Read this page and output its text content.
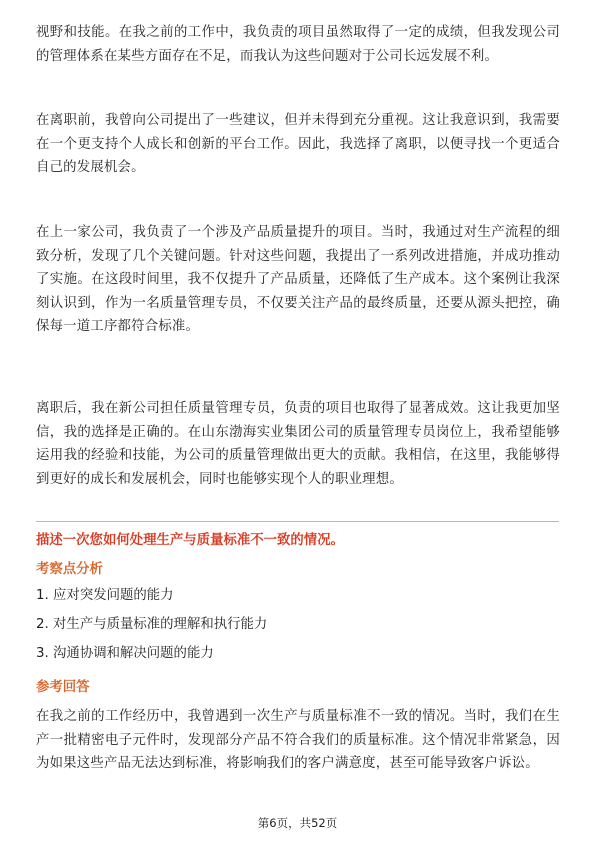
视野和技能。在我之前的工作中，我负责的项目虽然取得了一定的成绩，但我发现公司的管理体系在某些方面存在不足，而我认为这些问题对于公司长远发展不利。

在离职前，我曾向公司提出了一些建议，但并未得到充分重视。这让我意识到，我需要在一个更支持个人成长和创新的平台工作。因此，我选择了离职，以便寻找一个更适合自己的发展机会。

在上一家公司，我负责了一个涉及产品质量提升的项目。当时，我通过对生产流程的细致分析，发现了几个关键问题。针对这些问题，我提出了一系列改进措施，并成功推动了实施。在这段时间里，我不仅提升了产品质量，还降低了生产成本。这个案例让我深刻认识到，作为一名质量管理专员，不仅要关注产品的最终质量，还要从源头把控，确保每一道工序都符合标准。

离职后，我在新公司担任质量管理专员，负责的项目也取得了显著成效。这让我更加坚信，我的选择是正确的。在山东渤海实业集团公司的质量管理专员岗位上，我希望能够运用我的经验和技能，为公司的质量管理做出更大的贡献。我相信，在这里，我能够得到更好的成长和发展机会，同时也能够实现个人的职业理想。

描述一次您如何处理生产与质量标准不一致的情况。

考察点分析

1. 应对突发问题的能力

2. 对生产与质量标准的理解和执行能力

3. 沟通协调和解决问题的能力

参考回答

在我之前的工作经历中，我曾遇到一次生产与质量标准不一致的情况。当时，我们在生产一批精密电子元件时，发现部分产品不符合我们的质量标准。这个情况非常紧急，因为如果这些产品无法达到标准，将影响我们的客户满意度，甚至可能导致客户诉讼。

第6页，共52页
